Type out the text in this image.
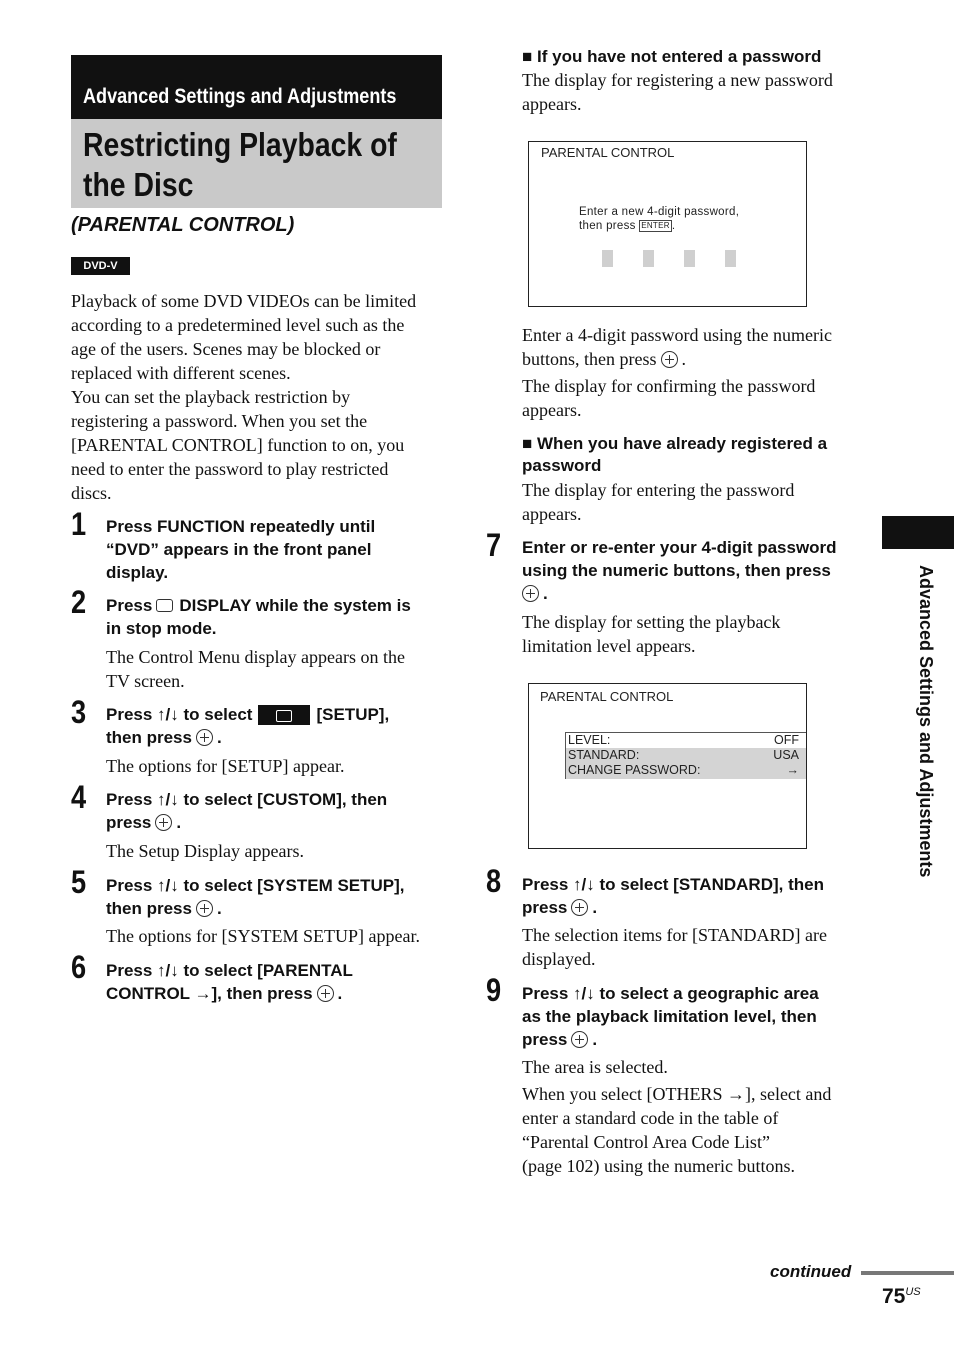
Advanced Settings and Adjustments
Restricting Playback of
the Disc
(PARENTAL CONTROL)
DVD-V
Playback of some DVD VIDEOs can be limited
according to a predetermined level such as the
age of the users. Scenes may be blocked or
replaced with different scenes.
You can set the playback restriction by
registering a password. When you set the
[PARENTAL CONTROL] function to on, you
need to enter the password to play restricted
discs.
1 Press FUNCTION repeatedly until
“DVD” appears in the front panel
display.
2 Press DISPLAY while the system is
in stop mode.
The Control Menu display appears on the
TV screen.
3 Press ↑/↓ to select	[SETUP],
then press .
The options for [SETUP] appear.
4 Press ↑/↓ to select [CUSTOM], then
press .
The Setup Display appears.
5 Press ↑/↓ to select [SYSTEM SETUP],
then press .
The options for [SYSTEM SETUP] appear.
6 Press ↑/↓ to select [PARENTAL
CONTROL →], then press .
■ If you have not entered a password
The display for registering a new password
appears.
PARENTAL CONTROL
Enter a new 4-digit password,
then press ENTER .
Enter a 4-digit password using the numeric
buttons, then press .
The display for confirming the password
appears.
■ When you have already registered a
password
The display for entering the password
appears.
7 Enter or re-enter your 4-digit password
using the numeric buttons, then press
.
The display for setting the playback
limitation level appears.
PARENTAL CONTROL
LEVEL:	OFF
STANDARD:	USA
CHANGE PASSWORD:	→
8 Press ↑/↓ to select [STANDARD], then
press .
The selection items for [STANDARD] are
displayed.
9 Press ↑/↓ to select a geographic area
as the playback limitation level, then
press .
The area is selected.
When you select [OTHERS →], select and
enter a standard code in the table of
“Parental Control Area Code List”
(page 102) using the numeric buttons.
Advanced Settings and Adjustments
continued
$75^{US}$
